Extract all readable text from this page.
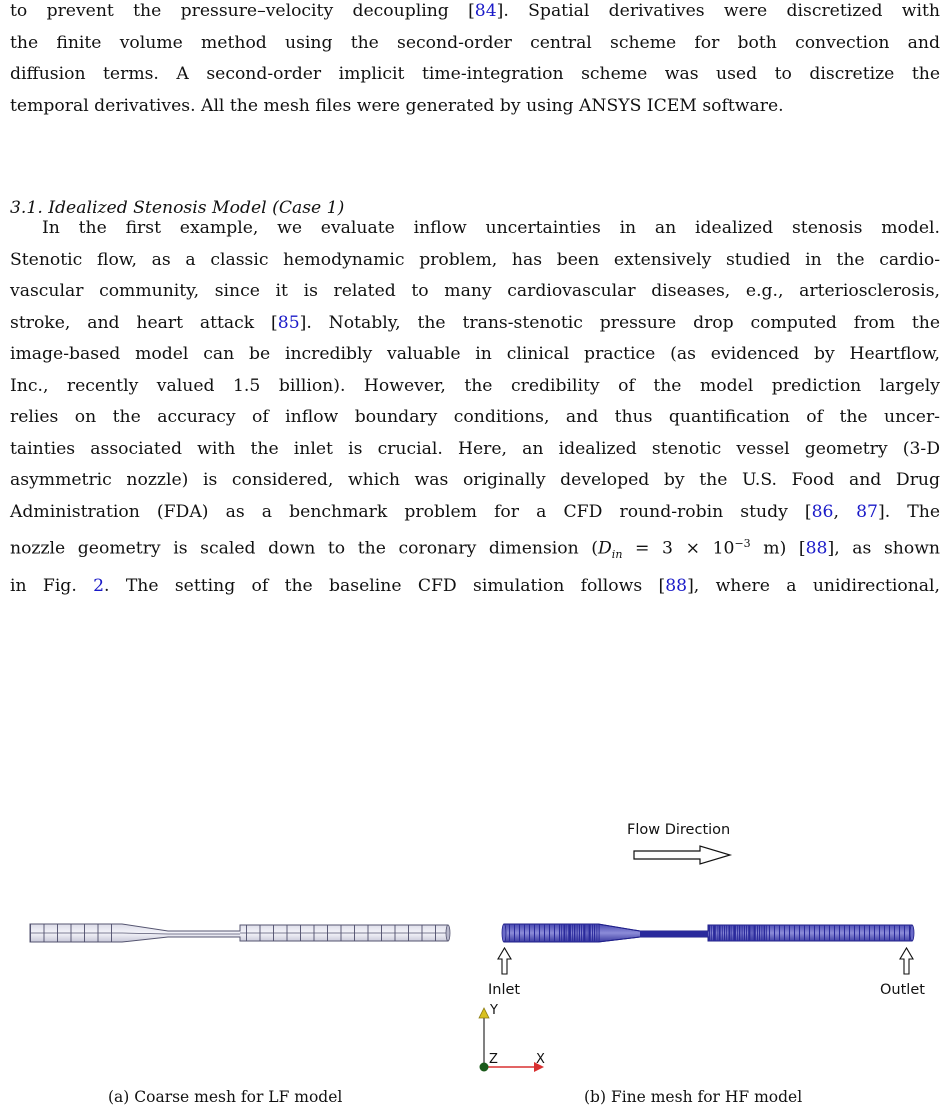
to prevent the pressure–velocity decoupling [84]. Spatial derivatives were discretized with
the finite volume method using the second-order central scheme for both convection and
diffusion terms. A second-order implicit time-integration scheme was used to discretize the
temporal derivatives. All the mesh files were generated by using ANSYS ICEM software.
3.1. Idealized Stenosis Model (Case 1)
In the first example, we evaluate inflow uncertainties in an idealized stenosis model.
Stenotic flow, as a classic hemodynamic problem, has been extensively studied in the cardio-
vascular community, since it is related to many cardiovascular diseases, e.g., arteriosclerosis,
stroke, and heart attack [85]. Notably, the trans-stenotic pressure drop computed from the
image-based model can be incredibly valuable in clinical practice (as evidenced by Heartflow,
Inc., recently valued 1.5 billion). However, the credibility of the model prediction largely
relies on the accuracy of inflow boundary conditions, and thus quantification of the uncer-
tainties associated with the inlet is crucial. Here, an idealized stenotic vessel geometry (3-D
asymmetric nozzle) is considered, which was originally developed by the U.S. Food and Drug
Administration (FDA) as a benchmark problem for a CFD round-robin study [86, 87]. The
nozzle geometry is scaled down to the coronary dimension ($D_{in} = 3 \times 10^{-3}$ m) [88], as shown
in Fig. 2. The setting of the baseline CFD simulation follows [88], where a unidirectional,
Flow Direction
Inlet	Outlet
Y
Z	X
(a) Coarse mesh for LF model	(b) Fine mesh for HF model
